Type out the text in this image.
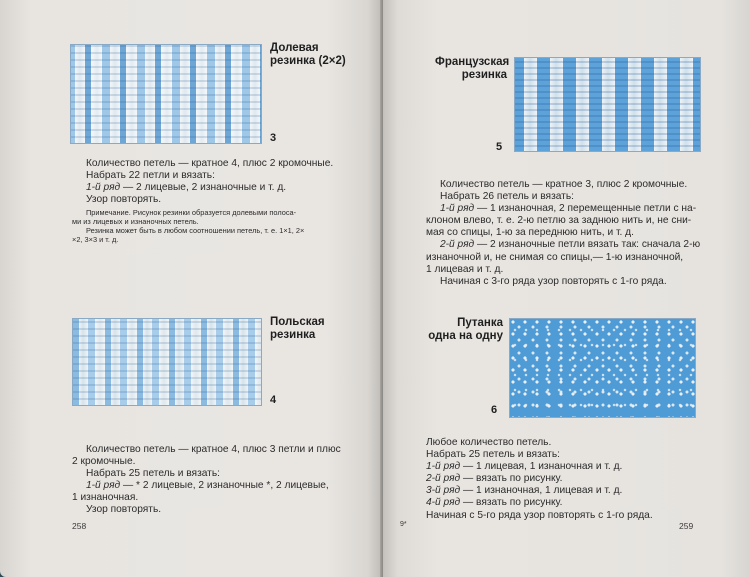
Долевая
резинка (2×2)
3

Количество петель — кратное 4, плюс 2 кромочные.

Набрать 22 петли и вязать:

1-й ряд — 2 лицевые, 2 изнаночные и т. д.

Узор повторять.

Примечание. Рисунок резинки образуется долевыми полоса-

ми из лицевых и изнаночных петель.

Резинка может быть в любом соотношении петель, т. е. 1×1, 2×

×2, 3×3 и т. д.

Польская
резинка
4

Количество петель — кратное 4, плюс 3 петли и плюс

2 кромочные.

Набрать 25 петель и вязать:

1-й ряд — * 2 лицевые, 2 изнаночные *, 2 лицевые,

1 изнаночная.

Узор повторять.

258
Французская
резинка
5

Количество петель — кратное 3, плюс 2 кромочные.

Набрать 26 петель и вязать:

1-й ряд — 1 изнаночная, 2 перемещенные петли с на-

клоном влево, т. е. 2-ю петлю за заднюю нить и, не сни-

мая со спицы, 1-ю за переднюю нить, и т. д.

2-й ряд — 2 изнаночные петли вязать так: сначала 2-ю

изнаночной и, не снимая со спицы,— 1-ю изнаночной,

1 лицевая и т. д.

Начиная с 3-го ряда узор повторять с 1-го ряда.

Путанка
одна на одну
6

Любое количество петель.

Набрать 25 петель и вязать:

1-й ряд — 1 лицевая, 1 изнаночная и т. д.

2-й ряд — вязать по рисунку.

3-й ряд — 1 изнаночная, 1 лицевая и т. д.

4-й ряд — вязать по рисунку.

Начиная с 5-го ряда узор повторять с 1-го ряда.

9*	259
